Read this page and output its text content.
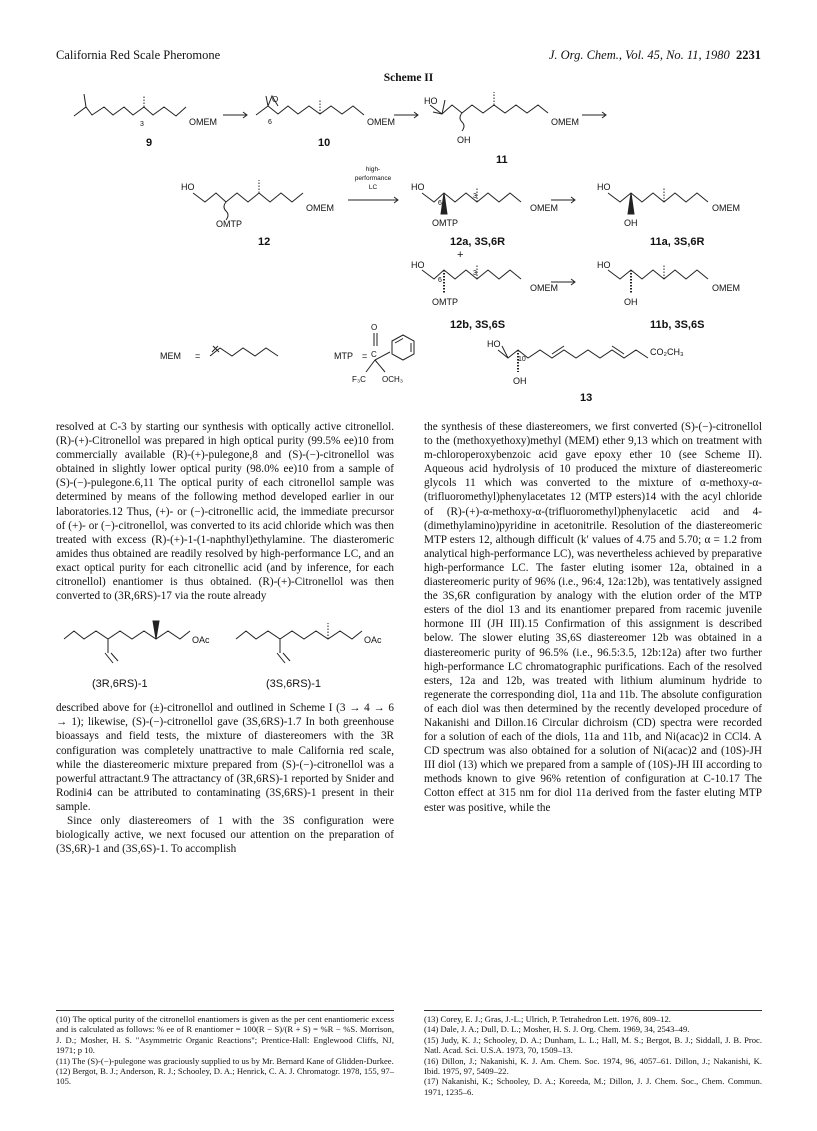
California Red Scale Pheromone	J. Org. Chem., Vol. 45, No. 11, 1980 2231
Scheme II
OMEM
3
O
6	OMEM
HO
OH
OMEM
HO
OMTP
OMEM
high-
performance
LC	HO
6
3
OMEM
OMTP
HO
OH
OMEM
HO
6
3
OMEM
OMTP
HO
OH
OMEM
MEM =	MTP =
O
C
F₃C OCH₃
HO
10
OH
CO₂CH₃
9	10
11
12	12a, 3S,6R
+
11a, 3S,6R
12b, 3S,6S	11b, 3S,6S
13

resolved at C-3 by starting our synthesis with optically active citronellol. (R)-(+)-Citronellol was prepared in high optical purity (99.5% ee)10 from commercially available (R)-(+)-pulegone,8 and (S)-(−)-citronellol was obtained in slightly lower optical purity (98.0% ee)10 from a sample of (S)-(−)-pulegone.6,11 The optical purity of each citronellol sample was determined by means of the following method developed earlier in our laboratories.12 Thus, (+)- or (−)-citronellic acid, the immediate precursor of (+)- or (−)-citronellol, was converted to its acid chloride which was then treated with excess (R)-(+)-1-(1-naphthyl)ethylamine. The diasteromeric amides thus obtained are readily resolved by high-performance LC, and an exact optical purity for each citronellic acid (and by inference, for each citronellol) enantiomer is thus obtained. (R)-(+)-Citronellol was then converted to (3R,6RS)-17 via the route already

OAc	OAc
(3R,6RS)-1	(3S,6RS)-1

described above for (±)-citronellol and outlined in Scheme I (3 → 4 → 6 → 1); likewise, (S)-(−)-citronellol gave (3S,6RS)-1.7 In both greenhouse bioassays and field tests, the mixture of diastereomers with the 3R configuration was completely unattractive to male California red scale, while the diastereomeric mixture prepared from (S)-(−)-citronellol was a powerful attractant.9 The attractancy of (3R,6RS)-1 reported by Snider and Rodini4 can be attributed to contaminating (3S,6RS)-1 present in their sample.

Since only diastereomers of 1 with the 3S configuration were biologically active, we next focused our attention on the preparation of (3S,6R)-1 and (3S,6S)-1. To accomplish

the synthesis of these diastereomers, we first converted (S)-(−)-citronellol to the (methoxyethoxy)methyl (MEM) ether 9,13 which on treatment with m-chloroperoxybenzoic acid gave epoxy ether 10 (see Scheme II). Aqueous acid hydrolysis of 10 produced the mixture of diastereomeric glycols 11 which was converted to the mixture of α-methoxy-α-(trifluoromethyl)phenylacetates 12 (MTP esters)14 with the acyl chloride of (R)-(+)-α-methoxy-α-(trifluoromethyl)phenylacetic acid and 4-(dimethylamino)pyridine in acetonitrile. Resolution of the diastereomeric MTP esters 12, although difficult (k′ values of 4.75 and 5.70; α = 1.2 from analytical high-performance LC), was nevertheless achieved by preparative high-performance LC. The faster eluting isomer 12a, obtained in a diastereomeric purity of 96% (i.e., 96:4, 12a:12b), was tentatively assigned the 3S,6R configuration by analogy with the elution order of the MTP esters of the diol 13 and its enantiomer prepared from racemic juvenile hormone III (JH III).15 Confirmation of this assignment is described below. The slower eluting 3S,6S diastereomer 12b was obtained in a diastereomeric purity of 96.5% (i.e., 96.5:3.5, 12b:12a) after two further high-performance LC chromatographic purifications. Each of the resolved esters, 12a and 12b, was treated with lithium aluminum hydride to regenerate the corresponding diol, 11a and 11b. The absolute configuration of each diol was then determined by the recently developed procedure of Nakanishi and Dillon.16 Circular dichroism (CD) spectra were recorded for a solution of each of the diols, 11a and 11b, and Ni(acac)2 in CCl4. A CD spectrum was also obtained for a solution of Ni(acac)2 and (10S)-JH III diol (13) which we prepared from a sample of (10S)-JH III according to methods known to give 96% retention of configuration at C-10.17 The Cotton effect at 315 nm for diol 11a derived from the faster eluting MTP ester was positive, while the

(10) The optical purity of the citronellol enantiomers is given as the per cent enantiomeric excess and is calculated as follows: % ee of R enantiomer = 100(R − S)/(R + S) = %R − %S. Morrison, J. D.; Mosher, H. S. "Asymmetric Organic Reactions"; Prentice-Hall: Englewood Cliffs, NJ, 1971; p 10.
(11) The (S)-(−)-pulegone was graciously supplied to us by Mr. Bernard Kane of Glidden-Durkee.
(12) Bergot, B. J.; Anderson, R. J.; Schooley, D. A.; Henrick, C. A. J. Chromatogr. 1978, 155, 97–105.
(13) Corey, E. J.; Gras, J.-L.; Ulrich, P. Tetrahedron Lett. 1976, 809–12.
(14) Dale, J. A.; Dull, D. L.; Mosher, H. S. J. Org. Chem. 1969, 34, 2543–49.
(15) Judy, K. J.; Schooley, D. A.; Dunham, L. L.; Hall, M. S.; Bergot, B. J.; Siddall, J. B. Proc. Natl. Acad. Sci. U.S.A. 1973, 70, 1509–13.
(16) Dillon, J.; Nakanishi, K. J. Am. Chem. Soc. 1974, 96, 4057–61. Dillon, J.; Nakanishi, K. Ibid. 1975, 97, 5409–22.
(17) Nakanishi, K.; Schooley, D. A.; Koreeda, M.; Dillon, J. J. Chem. Soc., Chem. Commun. 1971, 1235–6.
